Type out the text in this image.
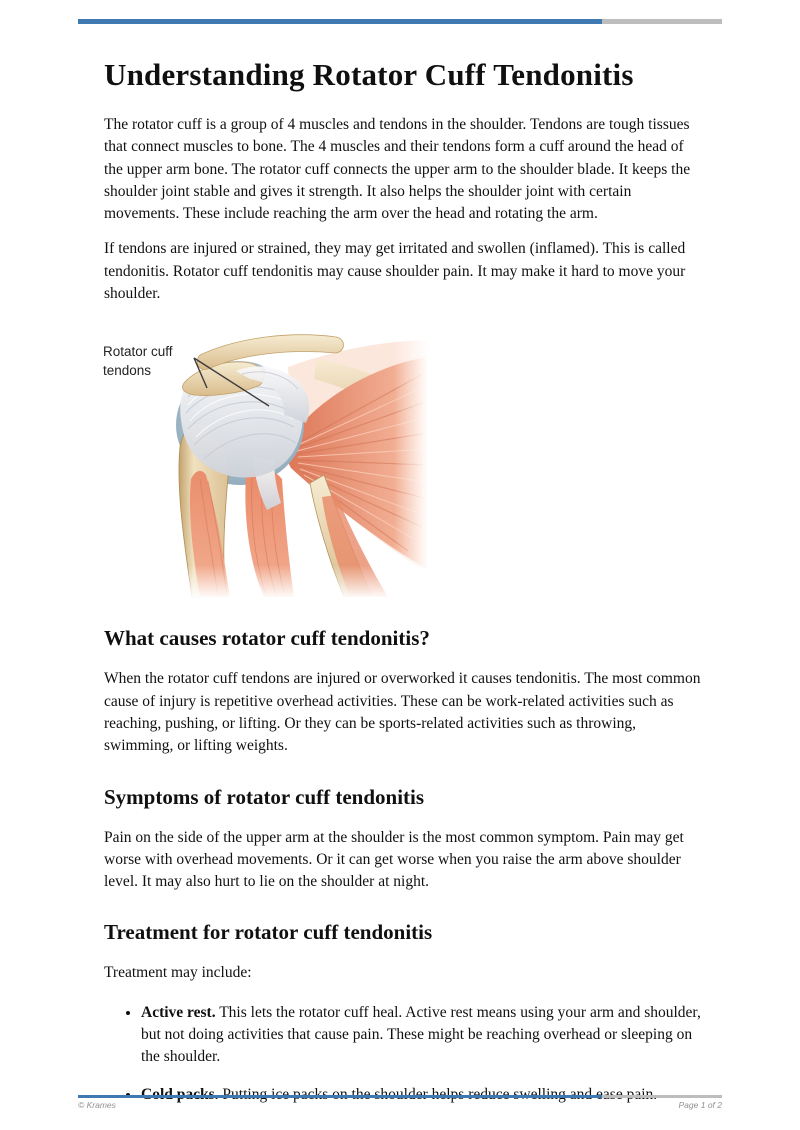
Understanding Rotator Cuff Tendonitis

The rotator cuff is a group of 4 muscles and tendons in the shoulder. Tendons are tough tissues that connect muscles to bone. The 4 muscles and their tendons form a cuff around the head of the upper arm bone. The rotator cuff connects the upper arm to the shoulder blade. It keeps the shoulder joint stable and gives it strength. It also helps the shoulder joint with certain movements. These include reaching the arm over the head and rotating the arm.

If tendons are injured or strained, they may get irritated and swollen (inflamed). This is called tendonitis. Rotator cuff tendonitis may cause shoulder pain. It may make it hard to move your shoulder.

Rotator cuff tendons
What causes rotator cuff tendonitis?

When the rotator cuff tendons are injured or overworked it causes tendonitis. The most common cause of injury is repetitive overhead activities. These can be work-related activities such as reaching, pushing, or lifting. Or they can be sports-related activities such as throwing, swimming, or lifting weights.

Symptoms of rotator cuff tendonitis

Pain on the side of the upper arm at the shoulder is the most common symptom. Pain may get worse with overhead movements. Or it can get worse when you raise the arm above shoulder level. It may also hurt to lie on the shoulder at night.

Treatment for rotator cuff tendonitis

Treatment may include:

• Active rest. This lets the rotator cuff heal. Active rest means using your arm and shoulder, but not doing activities that cause pain. These might be reaching overhead or sleeping on the shoulder.
•
© Krames	Page 1 of 2
